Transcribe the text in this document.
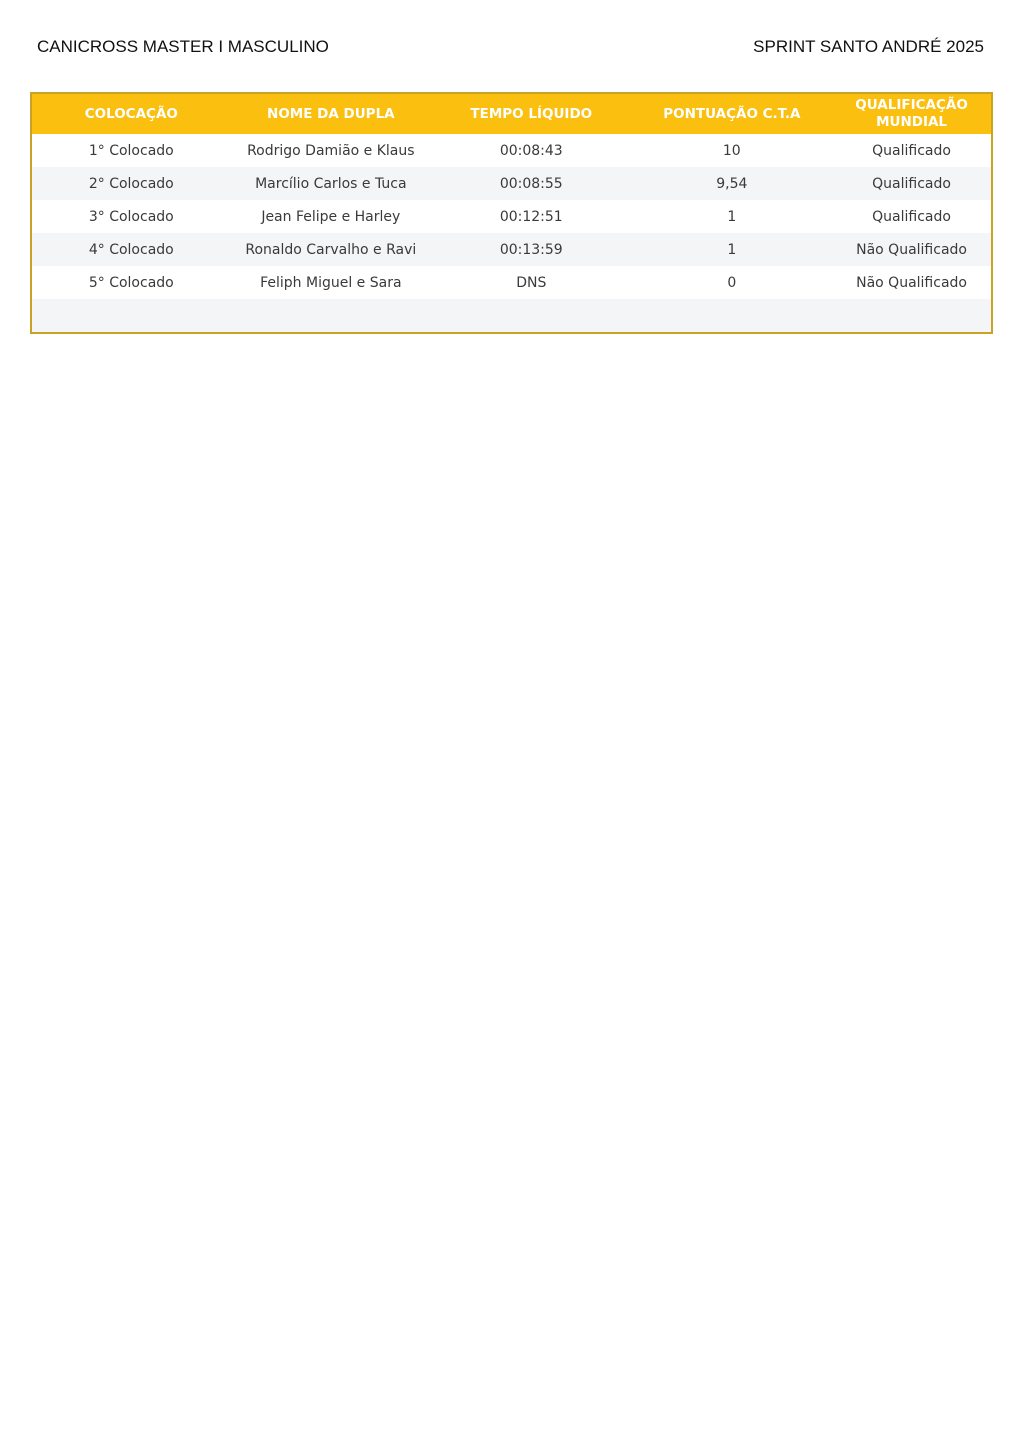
CANICROSS MASTER I MASCULINO	SPRINT SANTO ANDRÉ 2025
COLOCAÇÃO	NOME DA DUPLA	TEMPO LÍQUIDO	PONTUAÇÃO C.T.A	QUALIFICAÇÃO MUNDIAL
1° Colocado	Rodrigo Damião e Klaus	00:08:43	10	Qualificado
2° Colocado	Marcílio Carlos e Tuca	00:08:55	9,54	Qualificado
3° Colocado	Jean Felipe e Harley	00:12:51	1	Qualificado
4° Colocado	Ronaldo Carvalho e Ravi	00:13:59	1	Não Qualificado
5° Colocado	Feliph Miguel e Sara	DNS	0	Não Qualificado
